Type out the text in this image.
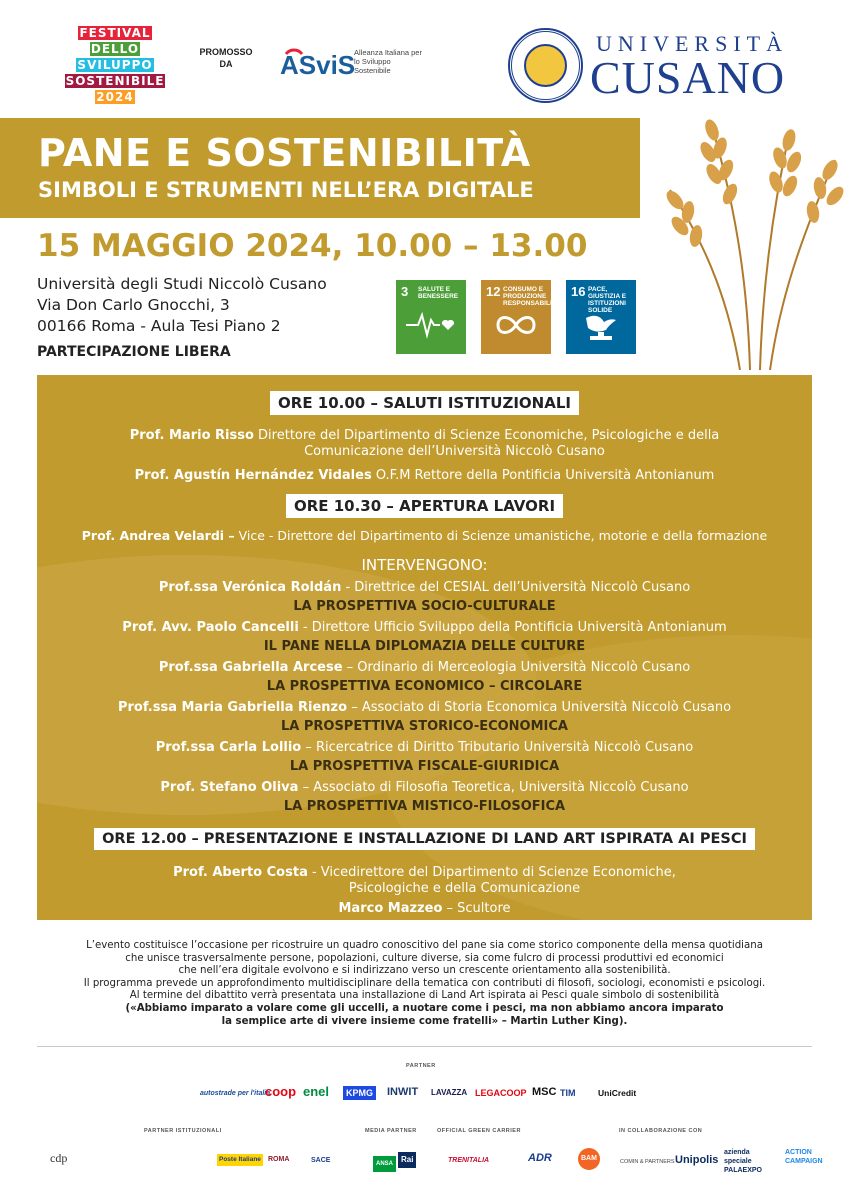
FESTIVAL
DELLO
SVILUPPO
SOSTENIBILE
2024
PROMOSSO DA	ASviS
Alleanza Italiana per lo Sviluppo Sostenibile
UNIVERSITÀ
CUSANO
PANE E SOSTENIBILITÀ
SIMBOLI E STRUMENTI NELL’ERA DIGITALE
15 MAGGIO 2024, 10.00 – 13.00
Università degli Studi Niccolò Cusano
Via Don Carlo Gnocchi, 3
00166 Roma - Aula Tesi Piano 2
PARTECIPAZIONE LIBERA
3 SALUTE E BENESSERE	12 CONSUMO E PRODUZIONE RESPONSABILI
16 PACE, GIUSTIZIA E ISTITUZIONI SOLIDE
ORE 10.00 – SALUTI ISTITUZIONALI
Prof. Mario Risso Direttore del Dipartimento di Scienze Economiche, Psicologiche e della
Comunicazione dell’Università Niccolò Cusano
Prof. Agustín Hernández Vidales O.F.M Rettore della Pontificia Università Antonianum
ORE 10.30 – APERTURA LAVORI
Prof. Andrea Velardi – Vice - Direttore del Dipartimento di Scienze umanistiche, motorie e della formazione
INTERVENGONO:
Prof.ssa Verónica Roldán - Direttrice del CESIAL dell’Università Niccolò Cusano
LA PROSPETTIVA SOCIO-CULTURALE
Prof. Avv. Paolo Cancelli - Direttore Ufficio Sviluppo della Pontificia Università Antonianum
IL PANE NELLA DIPLOMAZIA DELLE CULTURE
Prof.ssa Gabriella Arcese – Ordinario di Merceologia Università Niccolò Cusano
LA PROSPETTIVA ECONOMICO – CIRCOLARE
Prof.ssa Maria Gabriella Rienzo – Associato di Storia Economica Università Niccolò Cusano
LA PROSPETTIVA STORICO-ECONOMICA
Prof.ssa Carla Lollio – Ricercatrice di Diritto Tributario Università Niccolò Cusano
LA PROSPETTIVA FISCALE-GIURIDICA
Prof. Stefano Oliva – Associato di Filosofia Teoretica, Università Niccolò Cusano
LA PROSPETTIVA MISTICO-FILOSOFICA
ORE 12.00 – PRESENTAZIONE E INSTALLAZIONE DI LAND ART ISPIRATA AI PESCI
Prof. Aberto Costa - Vicedirettore del Dipartimento di Scienze Economiche,
Psicologiche e della Comunicazione
Marco Mazzeo – Scultore
L’evento costituisce l’occasione per ricostruire un quadro conoscitivo del pane sia come storico componente della mensa quotidiana
che unisce trasversalmente persone, popolazioni, culture diverse, sia come fulcro di processi produttivi ed economici
che nell’era digitale evolvono e si indirizzano verso un crescente orientamento alla sostenibilità.
Il programma prevede un approfondimento multidisciplinare della tematica con contributi di filosofi, sociologi, economisti e psicologi.
Al termine del dibattito verrà presentata una installazione di Land Art ispirata ai Pesci quale simbolo di sostenibilità
(«Abbiamo imparato a volare come gli uccelli, a nuotare come i pesci, ma non abbiamo ancora imparato
la semplice arte di vivere insieme come fratelli» – Martin Luther King).
PARTNER
autostrade per l'italia
coop enel	KPMG INWIT LAVAZZA LEGACOOP MSC TIM	UniCredit
PARTNER ISTITUZIONALI
cdp	Poste Italiane ROMA	SACE
MEDIA PARTNER
ANSA Rai
OFFICIAL GREEN CARRIER
TRENITALIA
IN COLLABORAZIONE CON
ADR	BAM	COMIN & PARTNERS Unipolis
azienda speciale PALAEXPO
ACTION CAMPAIGN
